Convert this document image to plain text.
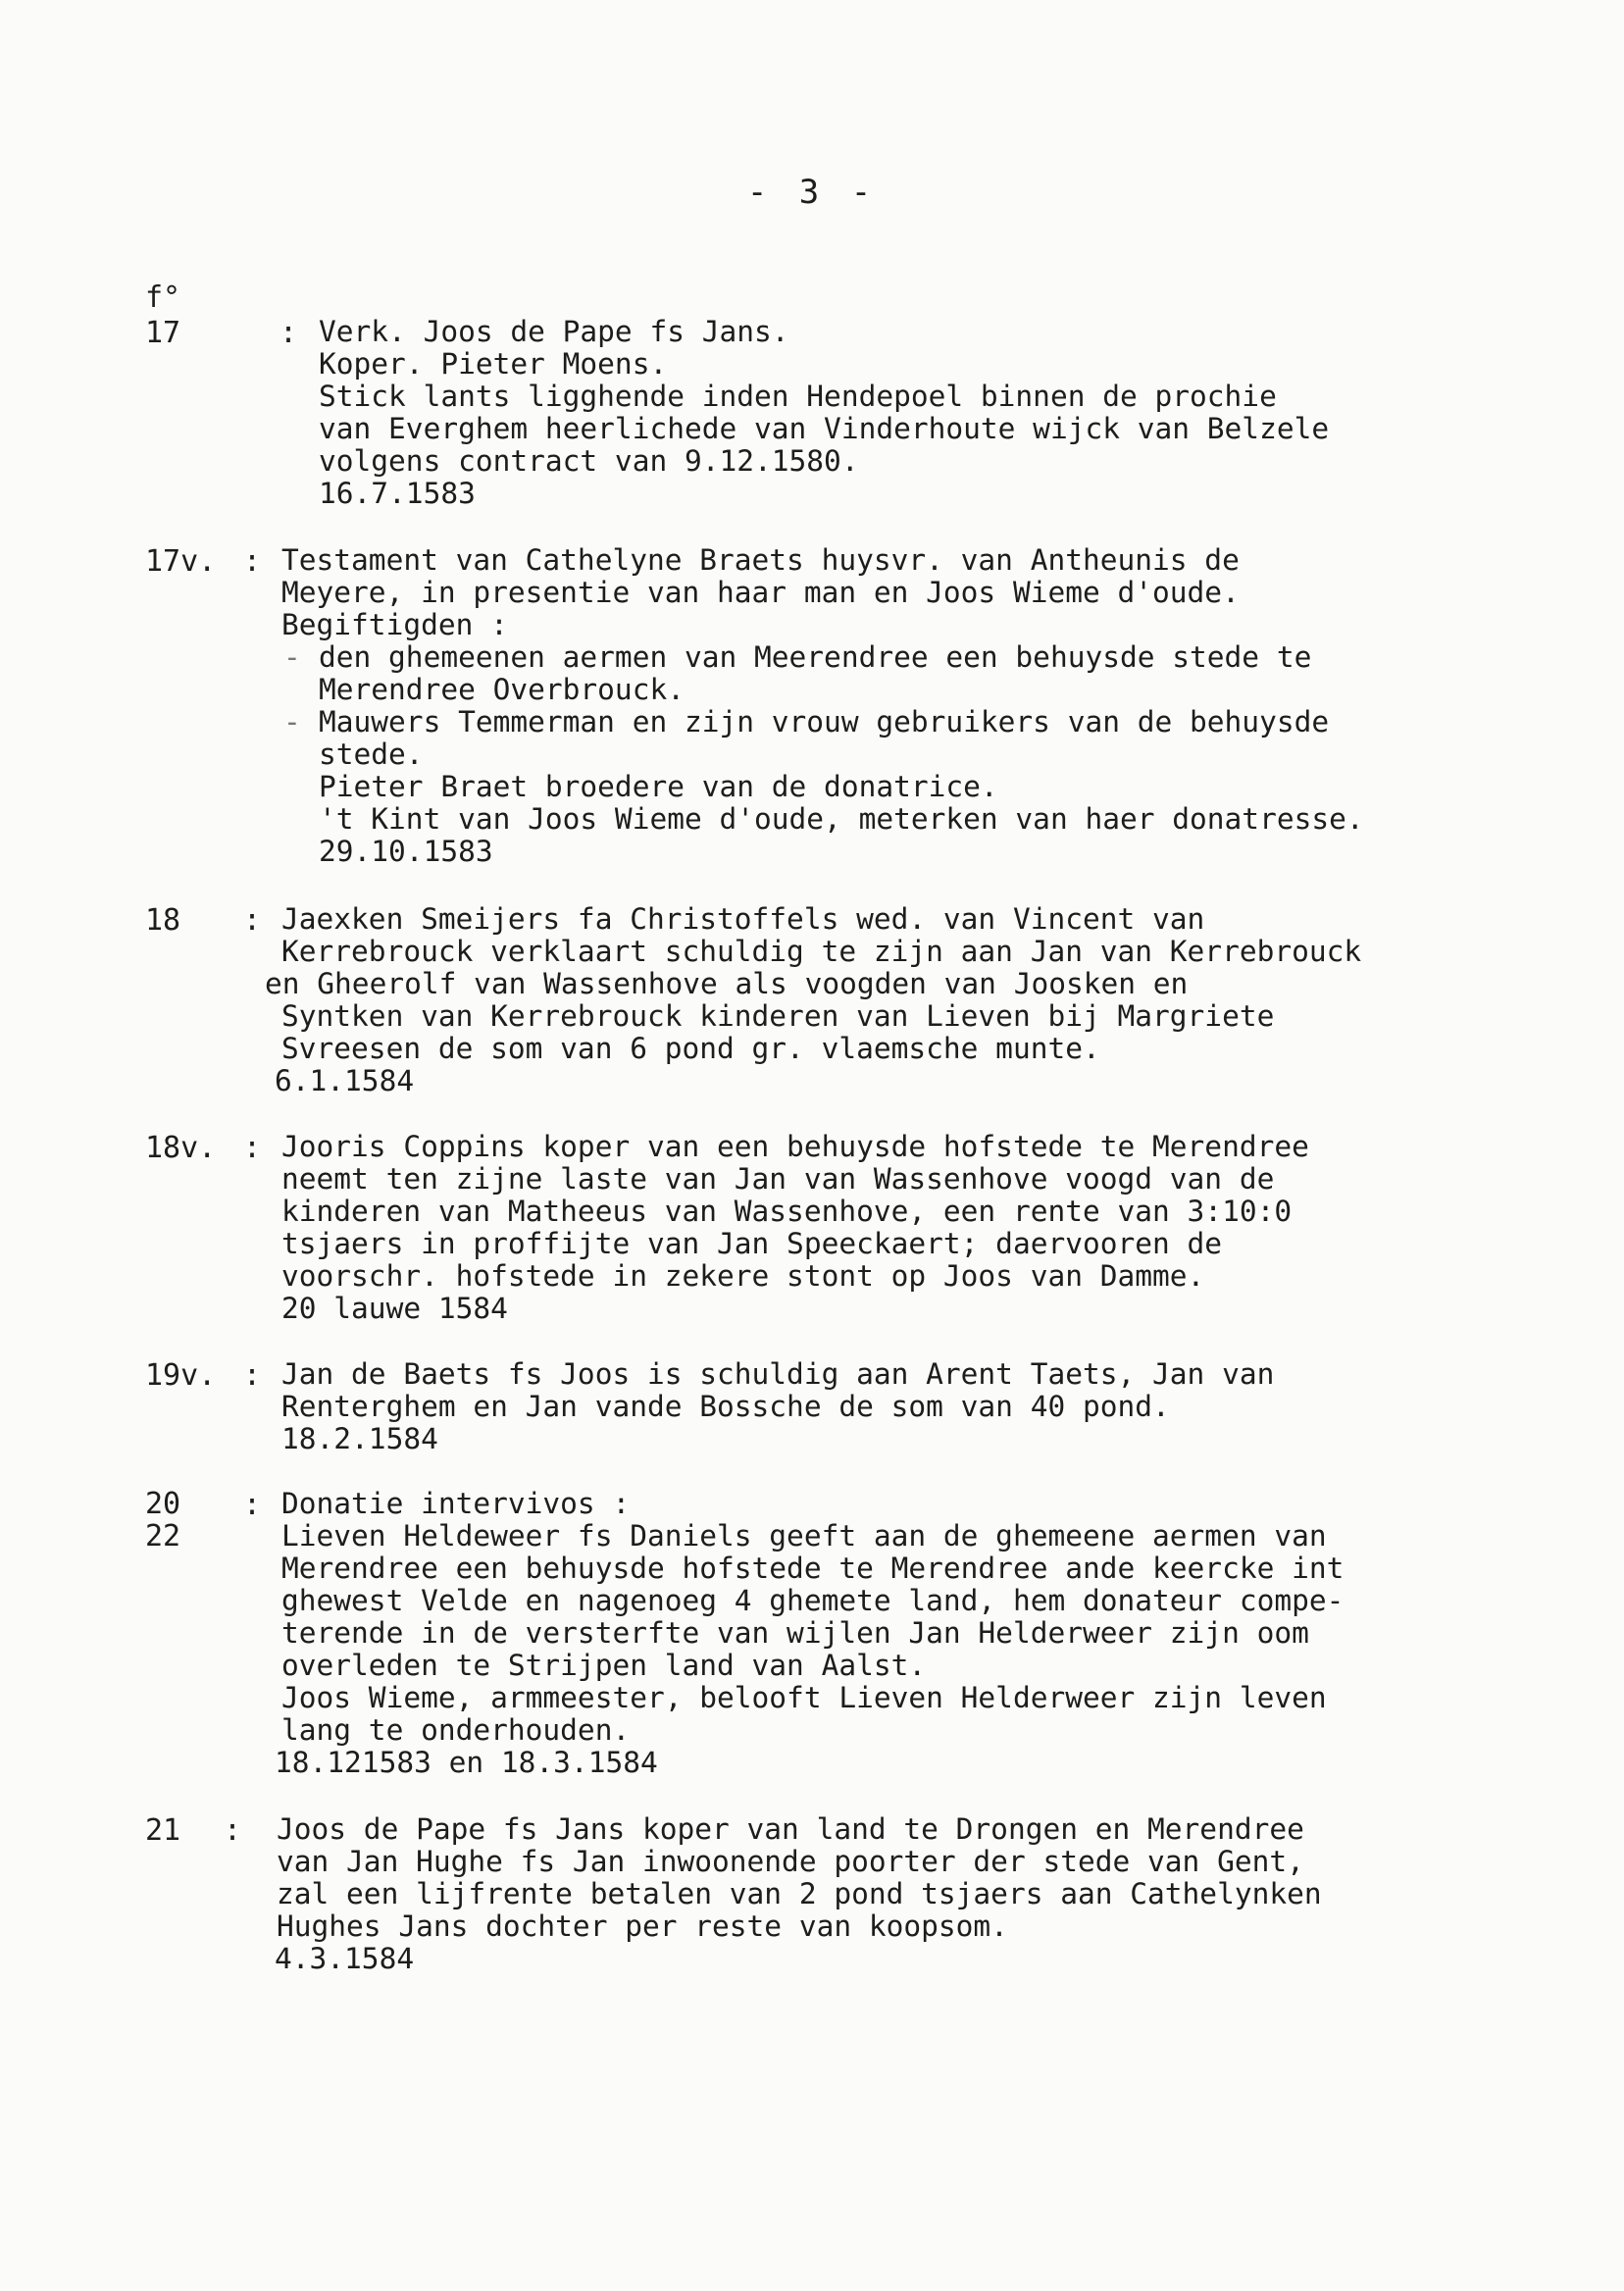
- 3 -
f°
17	: Verk. Joos de Pape fs Jans.
Koper. Pieter Moens.
Stick lants ligghende inden Hendepoel binnen de prochie
van Everghem heerlichede van Vinderhoute wijck van Belzele
volgens contract van 9.12.1580.
16.7.1583
17v. : Testament van Cathelyne Braets huysvr. van Antheunis de
Meyere, in presentie van haar man en Joos Wieme d'oude.
Begiftigden :
- den ghemeenen aermen van Meerendree een behuysde stede te
Merendree Overbrouck.
- Mauwers Temmerman en zijn vrouw gebruikers van de behuysde
stede.
Pieter Braet broedere van de donatrice.
't Kint van Joos Wieme d'oude, meterken van haer donatresse.
29.10.1583
18 : Jaexken Smeijers fa Christoffels wed. van Vincent van
Kerrebrouck verklaart schuldig te zijn aan Jan van Kerrebrouck
en Gheerolf van Wassenhove als voogden van Joosken en
Syntken van Kerrebrouck kinderen van Lieven bij Margriete
Svreesen de som van 6 pond gr. vlaemsche munte.
6.1.1584
18v. : Jooris Coppins koper van een behuysde hofstede te Merendree
neemt ten zijne laste van Jan van Wassenhove voogd van de
kinderen van Matheeus van Wassenhove, een rente van 3:10:0
tsjaers in proffijte van Jan Speeckaert; daervooren de
voorschr. hofstede in zekere stont op Joos van Damme.
20 lauwe 1584
19v. : Jan de Baets fs Joos is schuldig aan Arent Taets, Jan van
Renterghem en Jan vande Bossche de som van 40 pond.
18.2.1584
20
22
: Donatie intervivos :
Lieven Heldeweer fs Daniels geeft aan de ghemeene aermen van
Merendree een behuysde hofstede te Merendree ande keercke int
ghewest Velde en nagenoeg 4 ghemete land, hem donateur compe-
terende in de versterfte van wijlen Jan Helderweer zijn oom
overleden te Strijpen land van Aalst.
Joos Wieme, armmeester, belooft Lieven Helderweer zijn leven
lang te onderhouden.
18.121583 en 18.3.1584
21 : Joos de Pape fs Jans koper van land te Drongen en Merendree
van Jan Hughe fs Jan inwoonende poorter der stede van Gent,
zal een lijfrente betalen van 2 pond tsjaers aan Cathelynken
Hughes Jans dochter per reste van koopsom.
4.3.1584
